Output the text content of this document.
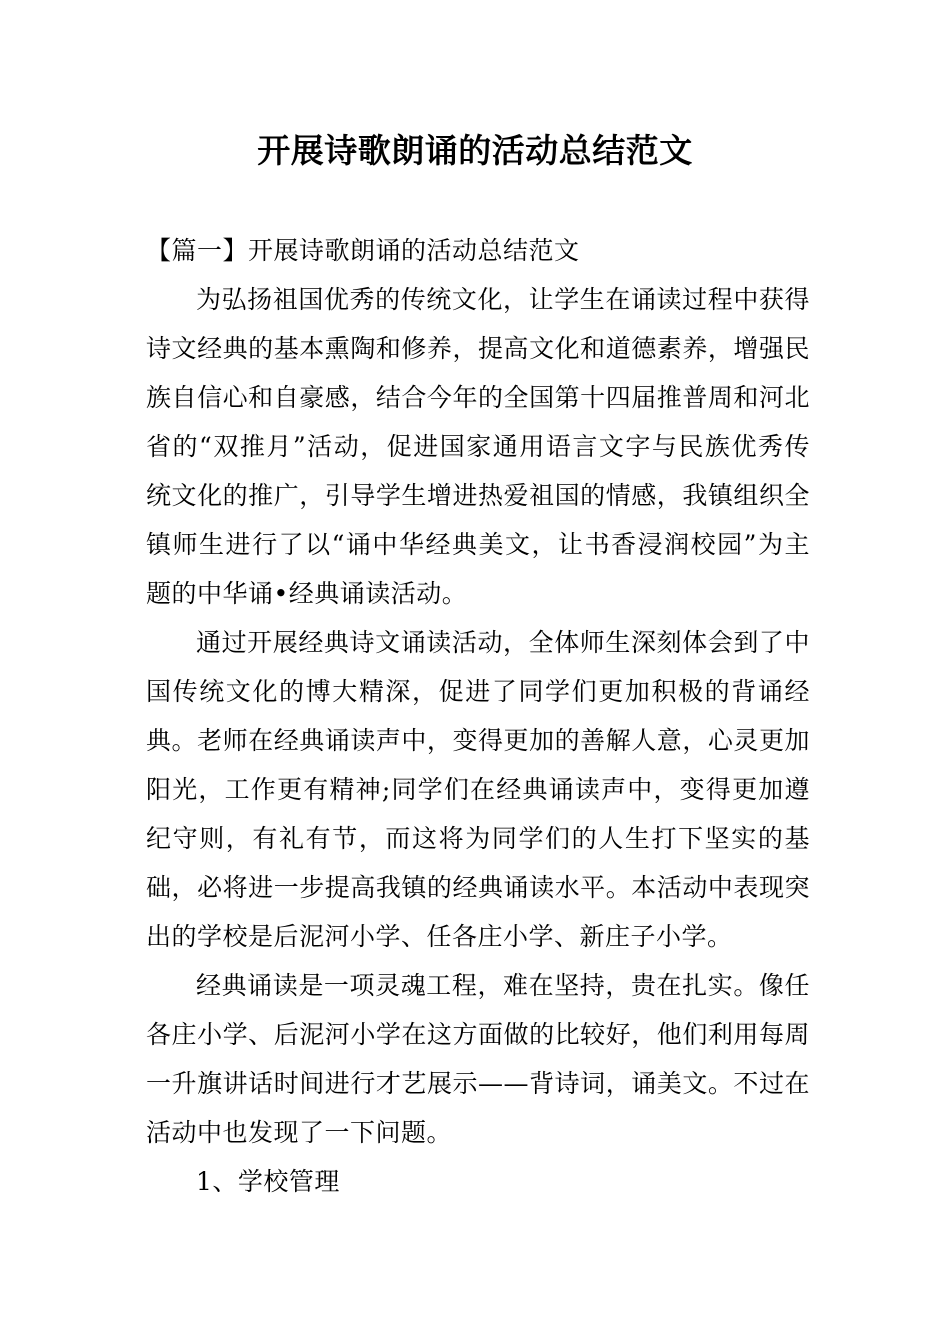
开展诗歌朗诵的活动总结范文

【篇一】开展诗歌朗诵的活动总结范文

为弘扬祖国优秀的传统文化，让学生在诵读过程中获得诗文经典的基本熏陶和修养，提高文化和道德素养，增强民族自信心和自豪感，结合今年的全国第十四届推普周和河北省的“双推月”活动，促进国家通用语言文字与民族优秀传统文化的推广，引导学生增进热爱祖国的情感，我镇组织全镇师生进行了以“诵中华经典美文，让书香浸润校园”为主题的中华诵•经典诵读活动。

通过开展经典诗文诵读活动，全体师生深刻体会到了中国传统文化的博大精深，促进了同学们更加积极的背诵经典。老师在经典诵读声中，变得更加的善解人意，心灵更加阳光，工作更有精神;同学们在经典诵读声中，变得更加遵纪守则，有礼有节，而这将为同学们的人生打下坚实的基础，必将进一步提高我镇的经典诵读水平。本活动中表现突出的学校是后泥河小学、任各庄小学、新庄子小学。

经典诵读是一项灵魂工程，难在坚持，贵在扎实。像任各庄小学、后泥河小学在这方面做的比较好，他们利用每周一升旗讲话时间进行才艺展示——背诗词，诵美文。不过在活动中也发现了一下问题。

1、学校管理
